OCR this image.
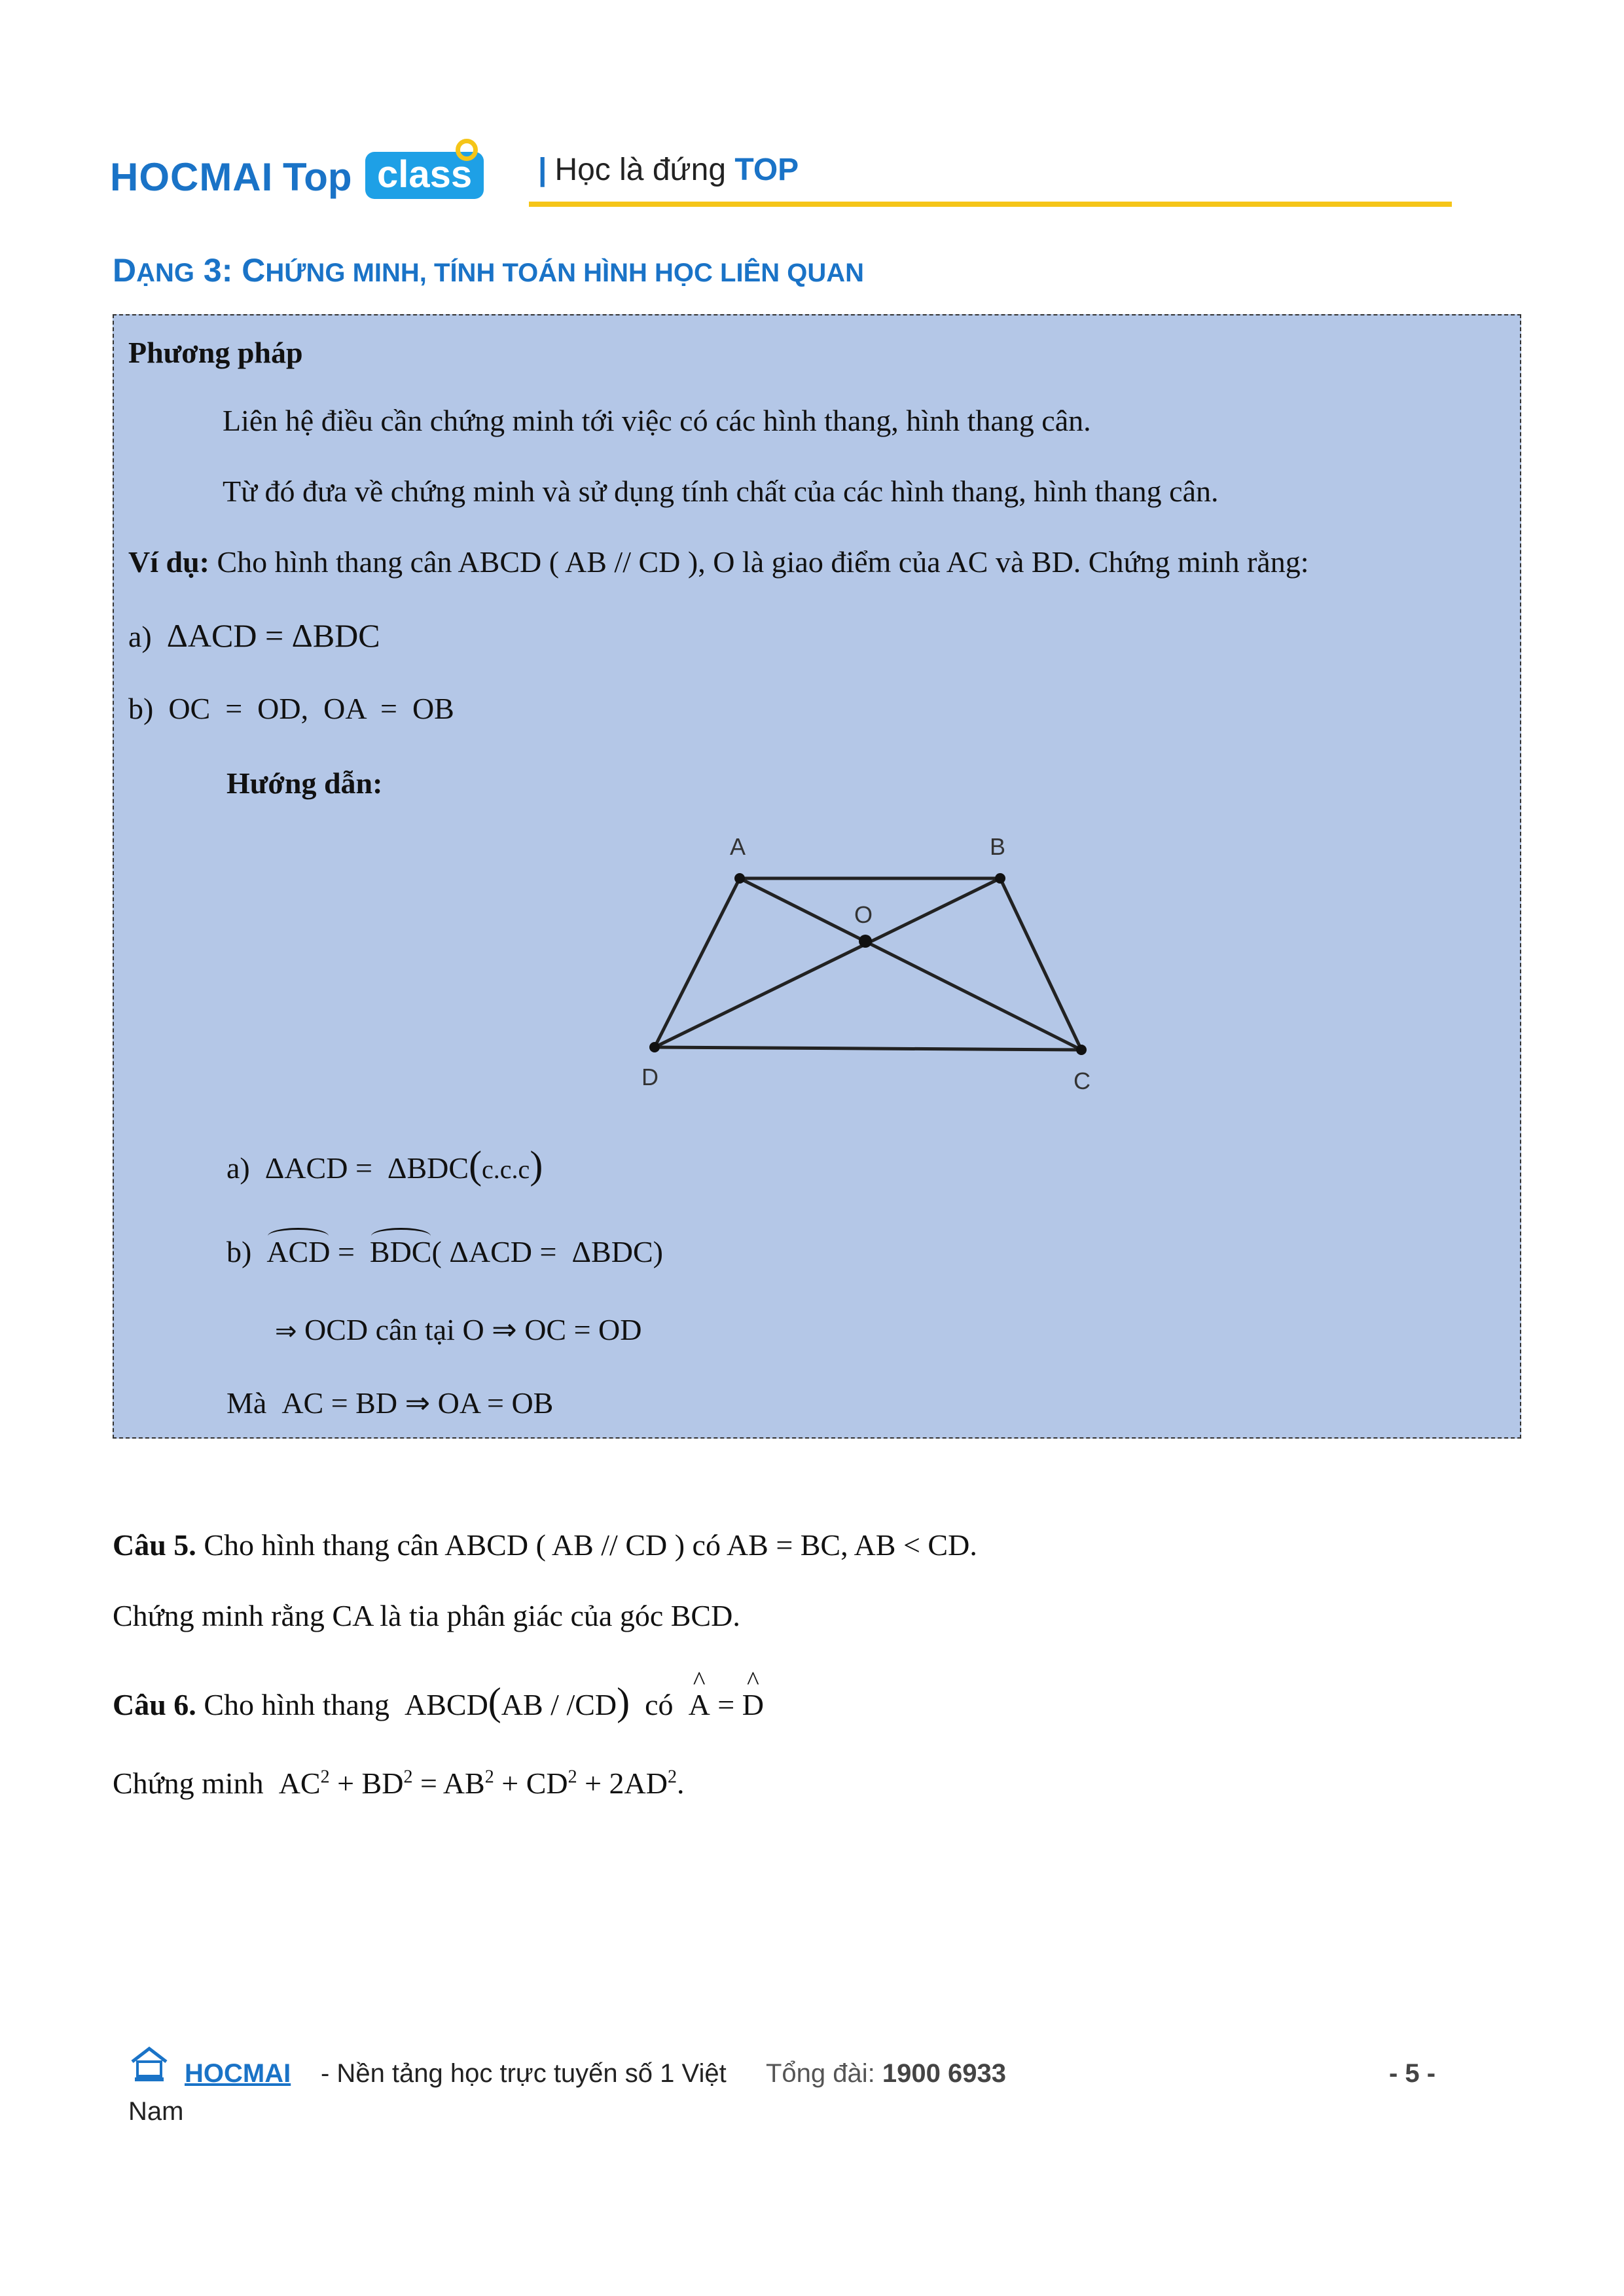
HOCMAI Top class	| Học là đứng TOP
DẠNG 3: CHỨNG MINH, TÍNH TOÁN HÌNH HỌC LIÊN QUAN
Phương pháp
Liên hệ điều cần chứng minh tới việc có các hình thang, hình thang cân.
Từ đó đưa về chứng minh và sử dụng tính chất của các hình thang, hình thang cân.
Ví dụ: Cho hình thang cân ABCD ( AB // CD ), O là giao điểm của AC và BD. Chứng minh rằng:
a) ΔACD = ΔBDC
b) OC  =  OD,  OA  =  OB
Hướng dẫn:
A	B
O
D	C
a) ΔACD =  ΔBDC(c.c.c)
b) ACD = BDC( ΔACD =  ΔBDC)
⇒ OCD cân tại O ⇒ OC = OD
Mà AC = BD ⇒ OA = OB
Câu 5. Cho hình thang cân ABCD ( AB // CD ) có AB = BC, AB < CD.
Chứng minh rằng CA là tia phân giác của góc BCD.
Câu 6. Cho hình thang ABCD(AB / /CD) có ^ A = ^ D
Chứng minh $AC^2 + BD^2 = AB^2 + CD^2 + 2AD^2$.
HOCMAI - Nền tảng học trực tuyến số 1 Việt Tổng đài: 1900 6933	- 5 -
Nam
